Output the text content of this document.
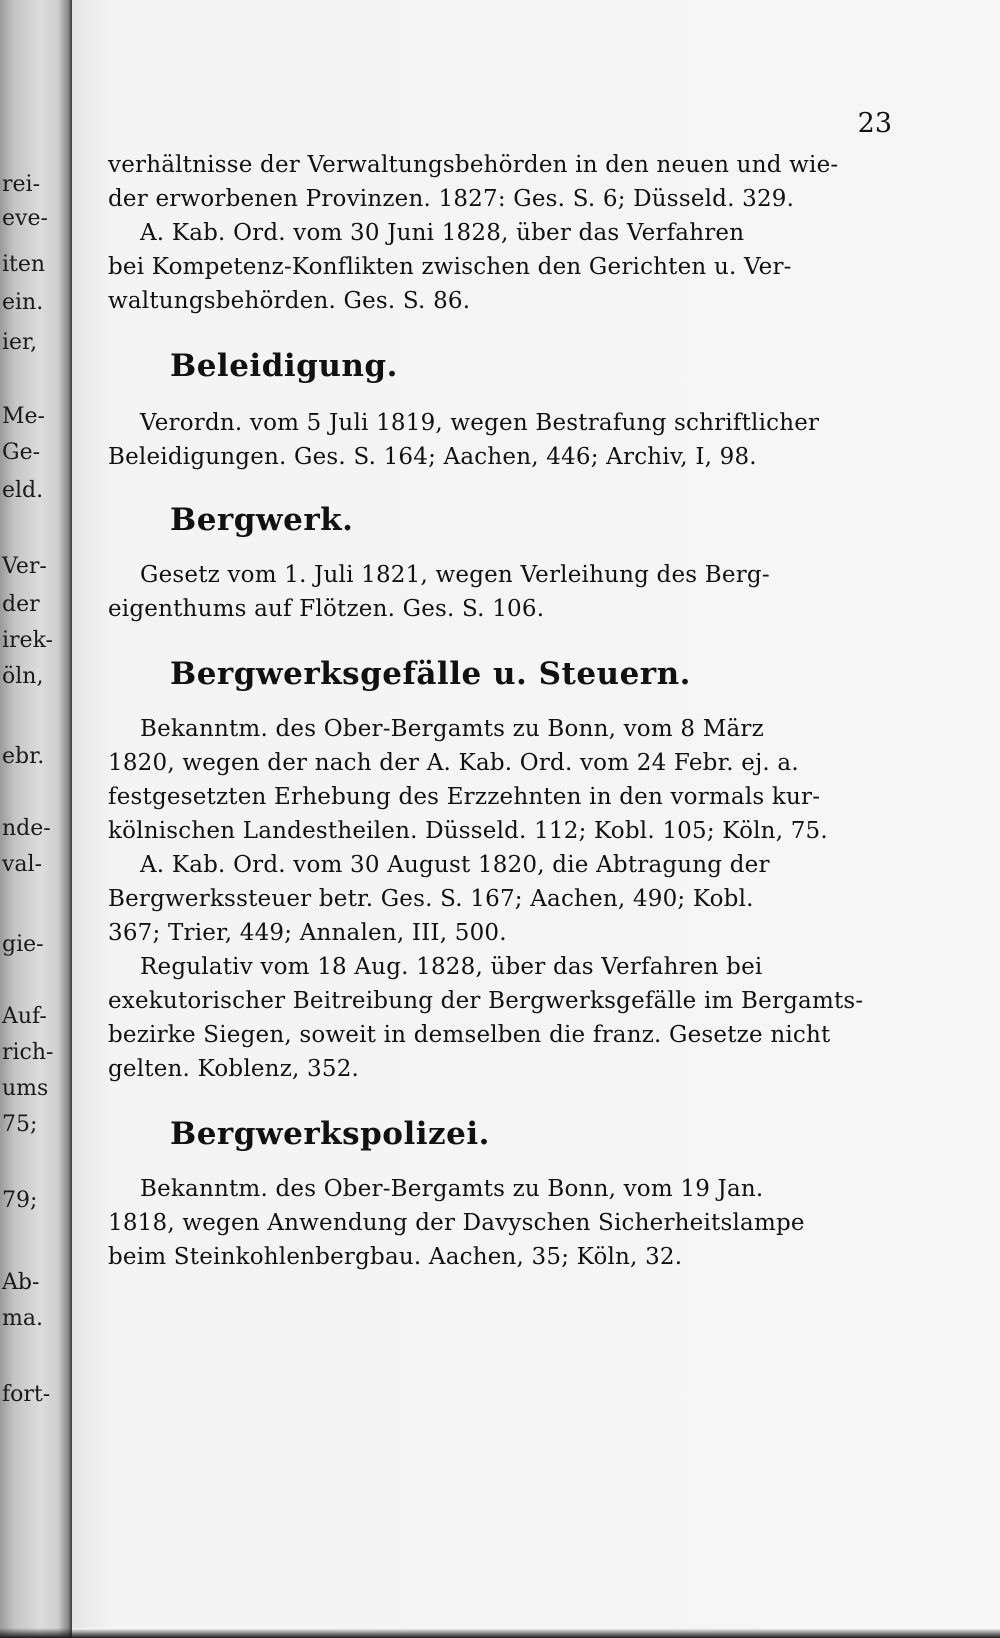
rei-
eve-
iten
ein.
ier,
Me-
Ge-
eld.
Ver-
der
irek-
öln,
ebr.
nde-
val-
gie-
Auf-
rich-
ums
75;
79;
Ab-
ma.
fort-
23

verhältnisse der Verwaltungsbehörden in den neuen und wie-
der erworbenen Provinzen. 1827: Ges. S. 6; Düsseld. 329.
A. Kab. Ord. vom 30 Juni 1828, über das Verfahren
bei Kompetenz-Konflikten zwischen den Gerichten u. Ver-
waltungsbehörden. Ges. S. 86.

Beleidigung.

Verordn. vom 5 Juli 1819, wegen Bestrafung schriftlicher
Beleidigungen. Ges. S. 164; Aachen, 446; Archiv, I, 98.

Bergwerk.

Gesetz vom 1. Juli 1821, wegen Verleihung des Berg-
eigenthums auf Flötzen. Ges. S. 106.

Bergwerksgefälle u. Steuern.

Bekanntm. des Ober-Bergamts zu Bonn, vom 8 März
1820, wegen der nach der A. Kab. Ord. vom 24 Febr. ej. a.
festgesetzten Erhebung des Erzzehnten in den vormals kur-
kölnischen Landestheilen. Düsseld. 112; Kobl. 105; Köln, 75.
A. Kab. Ord. vom 30 August 1820, die Abtragung der
Bergwerkssteuer betr. Ges. S. 167; Aachen, 490; Kobl.
367; Trier, 449; Annalen, III, 500.
Regulativ vom 18 Aug. 1828, über das Verfahren bei
exekutorischer Beitreibung der Bergwerksgefälle im Bergamts-
bezirke Siegen, soweit in demselben die franz. Gesetze nicht
gelten. Koblenz, 352.

Bergwerkspolizei.

Bekanntm. des Ober-Bergamts zu Bonn, vom 19 Jan.
1818, wegen Anwendung der Davyschen Sicherheitslampe
beim Steinkohlenbergbau. Aachen, 35; Köln, 32.
